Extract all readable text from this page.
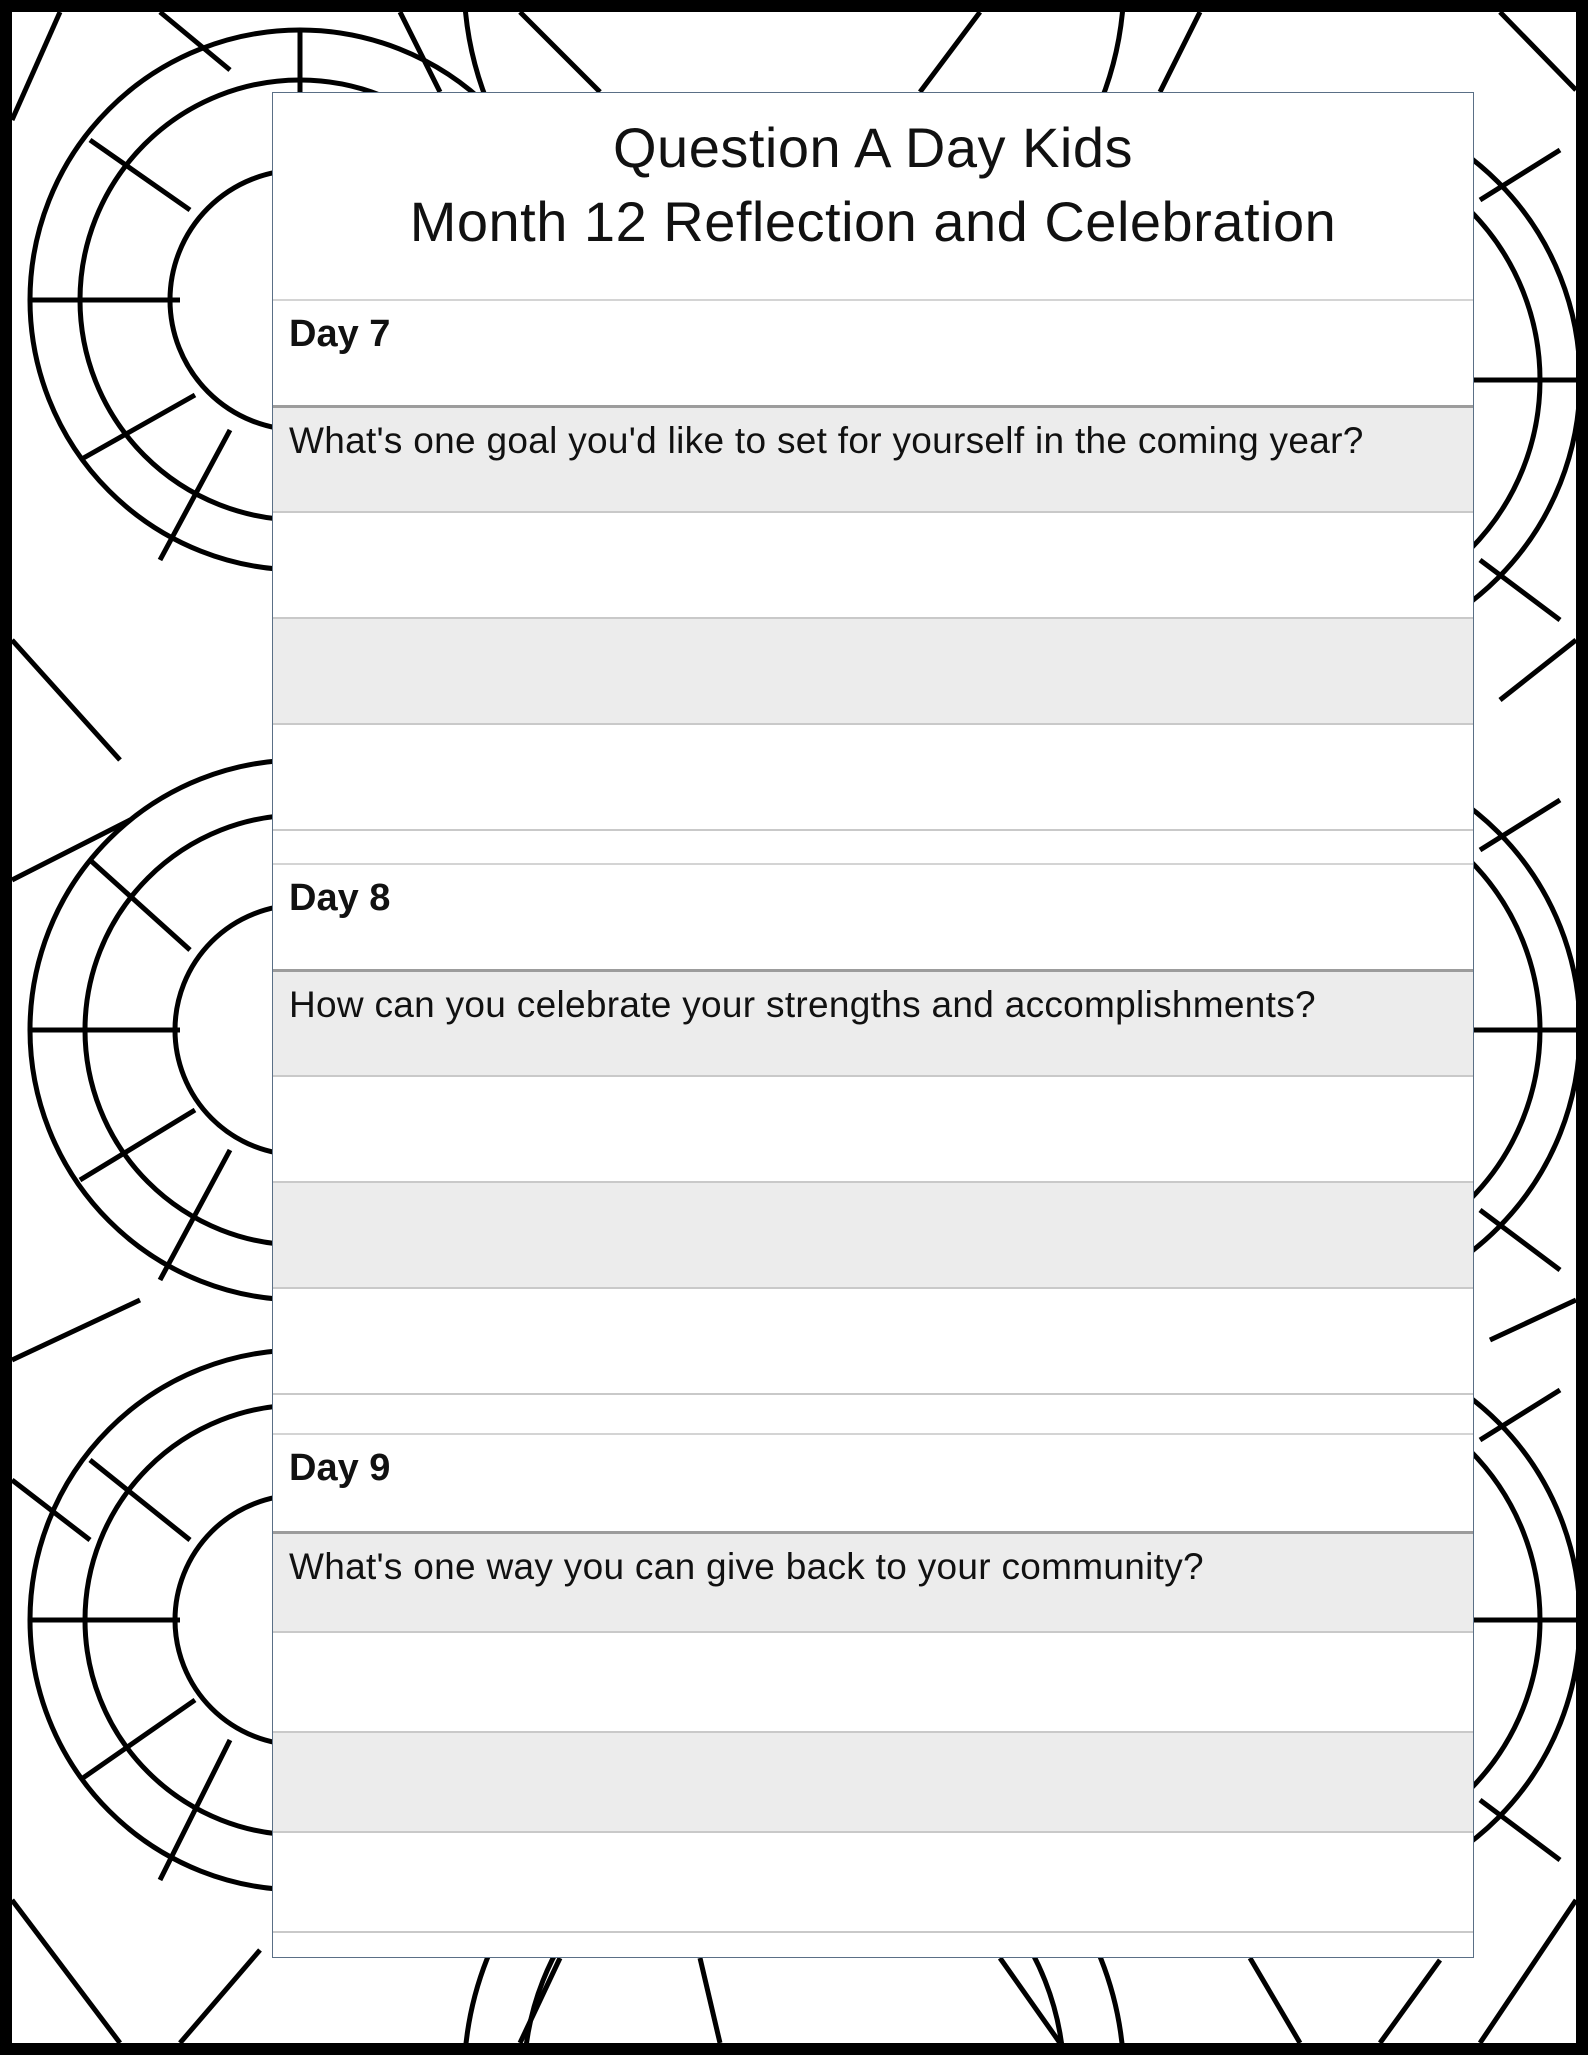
Question A Day Kids
Month 12 Reflection and Celebration
Day 7
What's one goal you'd like to set for yourself in the coming year?
Day 8
How can you celebrate your strengths and accomplishments?
Day 9
What's one way you can give back to your community?
